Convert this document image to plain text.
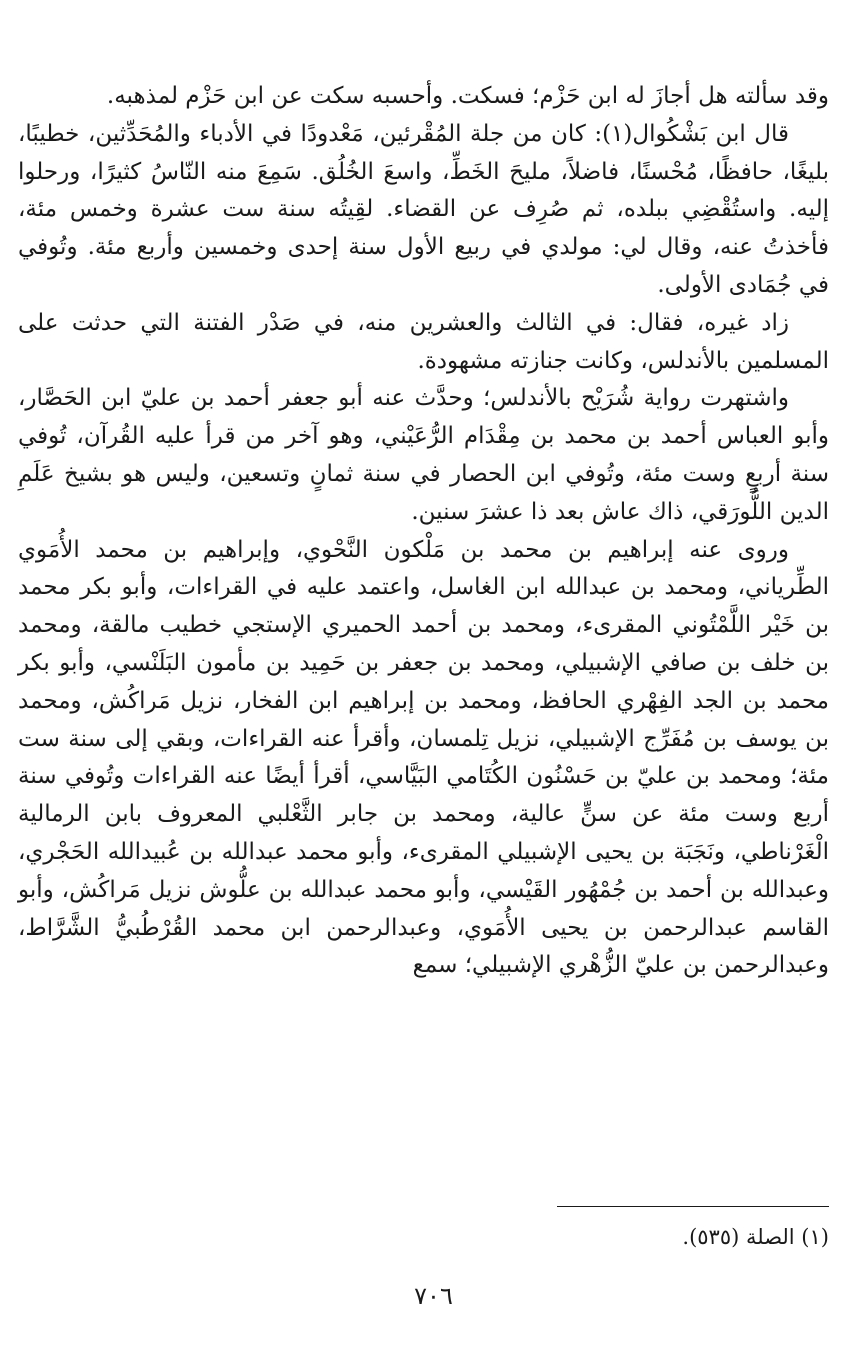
وقد سألته هل أجازَ له ابن حَزْم؛ فسكت. وأحسبه سكت عن ابن حَزْم لمذهبه.

قال ابن بَشْكُوال(١): كان من جلة المُقْرئين، مَعْدودًا في الأدباء والمُحَدِّثين، خطيبًا، بليغًا، حافظًا، مُحْسنًا، فاضلاً، مليحَ الخَطِّ، واسعَ الخُلُق. سَمِعَ منه النّاسُ كثيرًا، ورحلوا إليه. واستُقْضِي ببلده، ثم صُرِف عن القضاء. لقِيتُه سنة ست عشرة وخمس مئة، فأخذتُ عنه، وقال لي: مولدي في ربيع الأول سنة إحدى وخمسين وأربع مئة. وتُوفي في جُمَادى الأولى.

زاد غيره، فقال: في الثالث والعشرين منه، في صَدْر الفتنة التي حدثت على المسلمين بالأندلس، وكانت جنازته مشهودة.

واشتهرت رواية شُرَيْح بالأندلس؛ وحدَّث عنه أبو جعفر أحمد بن عليّ ابن الحَصَّار، وأبو العباس أحمد بن محمد بن مِقْدَام الرُّعَيْني، وهو آخر من قرأ عليه القُرآن، تُوفي سنة أربعٍ وست مئة، وتُوفي ابن الحصار في سنة ثمانٍ وتسعين، وليس هو بشيخ عَلَمِ الدين اللُّورَقي، ذاك عاش بعد ذا عشرَ سنين.

وروى عنه إبراهيم بن محمد بن مَلْكون النَّحْوي، وإبراهيم بن محمد الأُمَوي الطِّرياني، ومحمد بن عبدالله ابن الغاسل، واعتمد عليه في القراءات، وأبو بكر محمد بن خَيْر اللَّمْتُوني المقرىء، ومحمد بن أحمد الحميري الإستجي خطيب مالقة، ومحمد بن خلف بن صافي الإشبيلي، ومحمد بن جعفر بن حَمِيد بن مأمون البَلَنْسي، وأبو بكر محمد بن الجد الفِهْري الحافظ، ومحمد بن إبراهيم ابن الفخار، نزيل مَراكُش، ومحمد بن يوسف بن مُفَرِّج الإشبيلي، نزيل تِلمسان، وأقرأ عنه القراءات، وبقي إلى سنة ست مئة؛ ومحمد بن عليّ بن حَسْنُون الكُتَامي البَيَّاسي، أقرأ أيضًا عنه القراءات وتُوفي سنة أربع وست مئة عن سنٍّ عالية، ومحمد بن جابر الثَّعْلبي المعروف بابن الرمالية الْغَرْناطي، ونَجَبَة بن يحيى الإشبيلي المقرىء، وأبو محمد عبدالله بن عُبيدالله الحَجْري، وعبدالله بن أحمد بن جُمْهُور القَيْسي، وأبو محمد عبدالله بن علُّوش نزيل مَراكُش، وأبو القاسم عبدالرحمن بن يحيى الأُمَوي، وعبدالرحمن ابن محمد القُرْطُبيُّ الشَّرَّاط، وعبدالرحمن بن عليّ الزُّهْري الإشبيلي؛ سمع

(١) الصلة (٥٣٥).
٧٠٦
